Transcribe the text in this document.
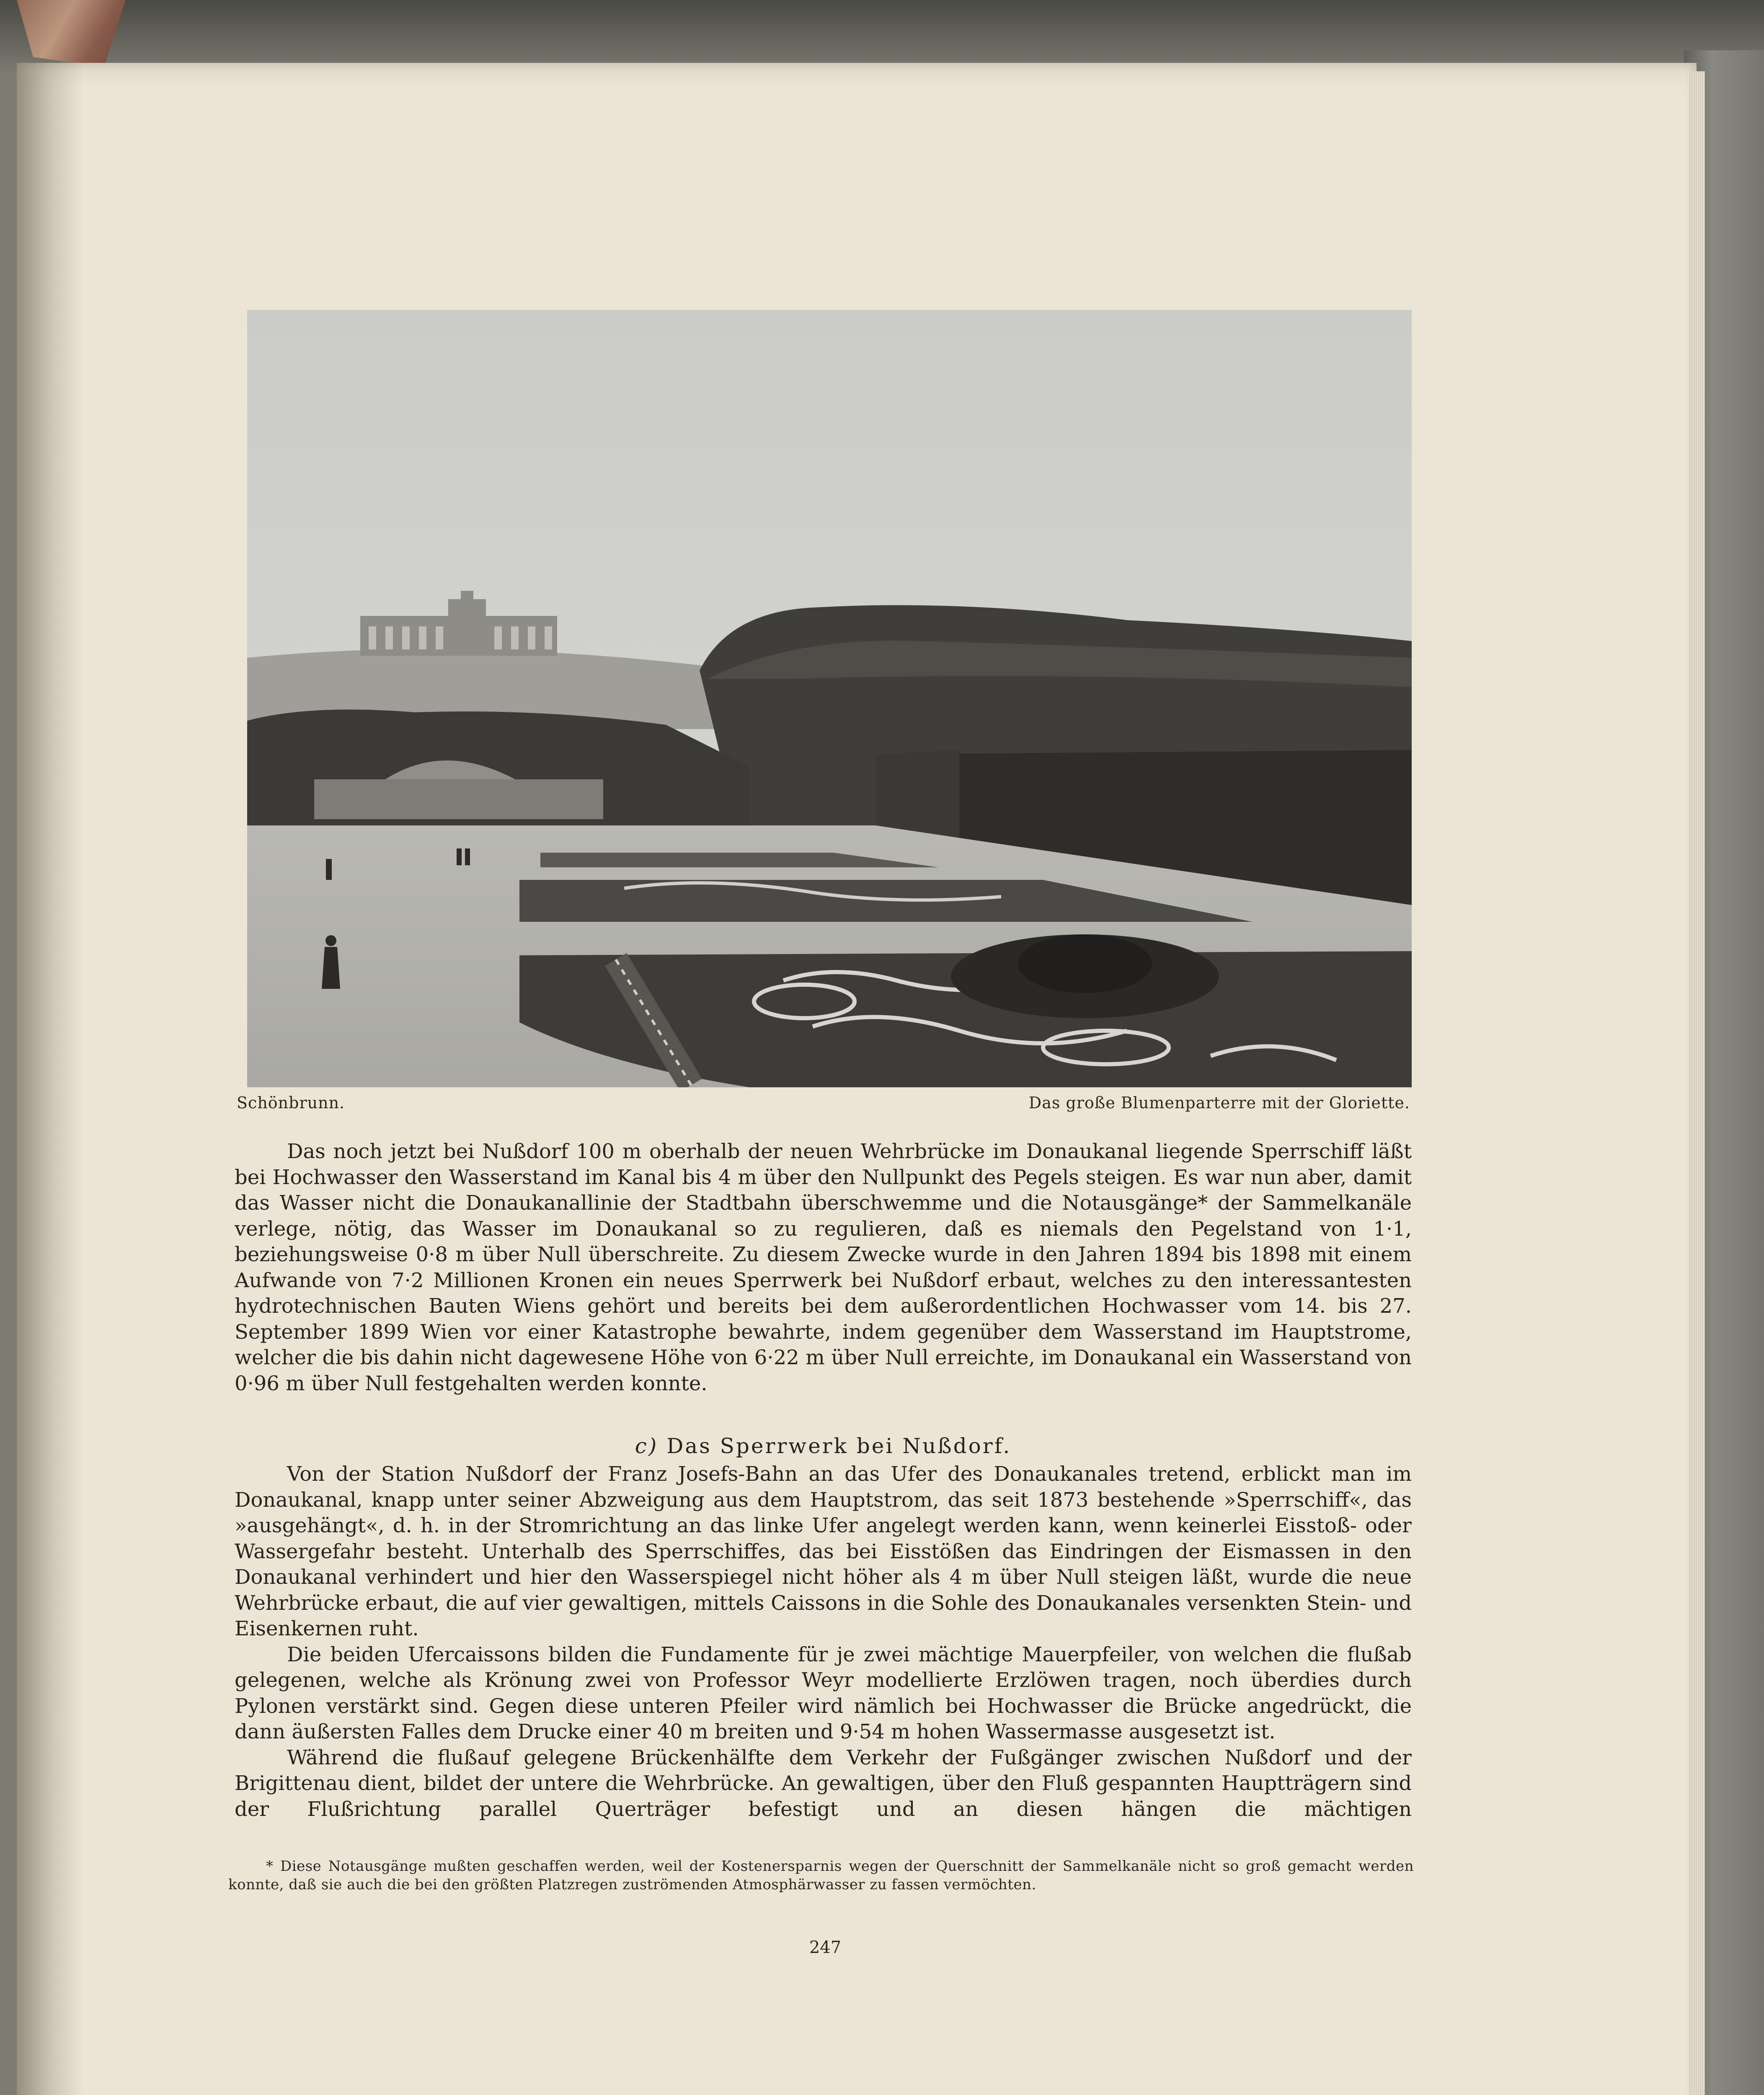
Schönbrunn.	Das große Blumenparterre mit der Gloriette.

Das noch jetzt bei Nußdorf 100 m oberhalb der neuen Wehrbrücke im Donaukanal liegende Sperrschiff läßt bei Hochwasser den Wasserstand im Kanal bis 4 m über den Nullpunkt des Pegels steigen. Es war nun aber, damit das Wasser nicht die Donaukanallinie der Stadtbahn überschwemme und die Notausgänge* der Sammelkanäle verlege, nötig, das Wasser im Donaukanal so zu regulieren, daß es niemals den Pegelstand von 1·1, beziehungsweise 0·8 m über Null überschreite. Zu diesem Zwecke wurde in den Jahren 1894 bis 1898 mit einem Aufwande von 7·2 Millionen Kronen ein neues Sperrwerk bei Nußdorf erbaut, welches zu den interessantesten hydrotechnischen Bauten Wiens gehört und bereits bei dem außerordentlichen Hochwasser vom 14. bis 27. September 1899 Wien vor einer Katastrophe bewahrte, indem gegenüber dem Wasserstand im Hauptstrome, welcher die bis dahin nicht dagewesene Höhe von 6·22 m über Null erreichte, im Donaukanal ein Wasserstand von 0·96 m über Null festgehalten werden konnte.

c) Das Sperrwerk bei Nußdorf.

Von der Station Nußdorf der Franz Josefs-Bahn an das Ufer des Donaukanales tretend, erblickt man im Donaukanal, knapp unter seiner Abzweigung aus dem Hauptstrom, das seit 1873 bestehende »Sperrschiff«, das »ausgehängt«, d. h. in der Stromrichtung an das linke Ufer angelegt werden kann, wenn keinerlei Eisstoß- oder Wassergefahr besteht. Unterhalb des Sperrschiffes, das bei Eisstößen das Eindringen der Eismassen in den Donaukanal verhindert und hier den Wasserspiegel nicht höher als 4 m über Null steigen läßt, wurde die neue Wehrbrücke erbaut, die auf vier gewaltigen, mittels Caissons in die Sohle des Donaukanales versenkten Stein- und Eisenkernen ruht.

Die beiden Ufercaissons bilden die Fundamente für je zwei mächtige Mauerpfeiler, von welchen die flußab gelegenen, welche als Krönung zwei von Professor Weyr modellierte Erzlöwen tragen, noch überdies durch Pylonen verstärkt sind. Gegen diese unteren Pfeiler wird nämlich bei Hochwasser die Brücke angedrückt, die dann äußersten Falles dem Drucke einer 40 m breiten und 9·54 m hohen Wassermasse ausgesetzt ist.

Während die flußauf gelegene Brückenhälfte dem Verkehr der Fußgänger zwischen Nußdorf und der Brigittenau dient, bildet der untere die Wehrbrücke. An gewaltigen, über den Fluß gespannten Hauptträgern sind der Flußrichtung parallel Querträger befestigt und an diesen hängen die mächtigen

* Diese Notausgänge mußten geschaffen werden, weil der Kostenersparnis wegen der Querschnitt der Sammelkanäle nicht so groß gemacht werden konnte, daß sie auch die bei den größten Platzregen zuströmenden Atmosphärwasser zu fassen vermöchten.

247
